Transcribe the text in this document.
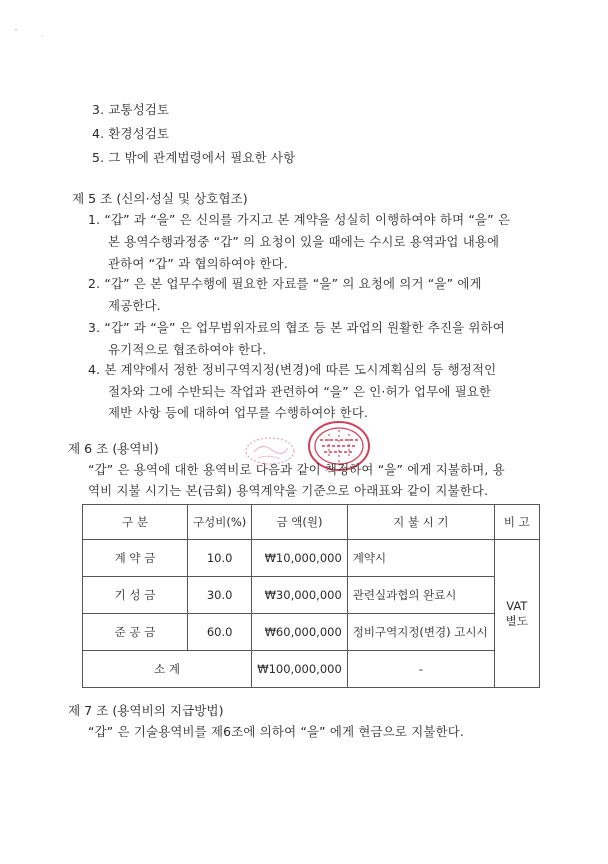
3. 교통성검토
4. 환경성검토
5. 그 밖에 관계법령에서 필요한 사항
제 5 조 (신의·성실 및 상호협조)
1. “갑” 과 “을” 은 신의를 가지고 본 계약을 성실히 이행하여야 하며 “을” 은
본 용역수행과정중 “갑” 의 요청이 있을 때에는 수시로 용역과업 내용에
관하여 “갑” 과 협의하여야 한다.
2. “갑” 은 본 업무수행에 필요한 자료를 “을” 의 요청에 의거 “을” 에게
제공한다.
3. “갑” 과 “을” 은 업무범위자료의 협조 등 본 과업의 원활한 추진을 위하여
유기적으로 협조하여야 한다.
4. 본 계약에서 정한 정비구역지정(변경)에 따른 도시계획심의 등 행정적인
절차와 그에 수반되는 작업과 관련하여 “을” 은 인·허가 업무에 필요한
제반 사항 등에 대하여 업무를 수행하여야 한다.
제 6 조 (용역비)
“갑” 은 용역에 대한 용역비로 다음과 같이 책정하여 “을” 에게 지불하며, 용
역비 지불 시기는 본(금회) 용역계약을 기준으로 아래표와 같이 지불한다.
구 분	구성비(%)	금 액(원)	지 불 시 기	비 고
계 약 금	10.0	₩10,000,000	계약시	VAT
별도

기 성 금	30.0	₩30,000,000	관련실과협의 완료시	
준 공 금	60.0	₩60,000,000	정비구역지정(변경) 고시시	
소 계		₩100,000,000	-	
제 7 조 (용역비의 지급방법)
“갑” 은 기술용역비를 제6조에 의하여 “을” 에게 현금으로 지불한다.
